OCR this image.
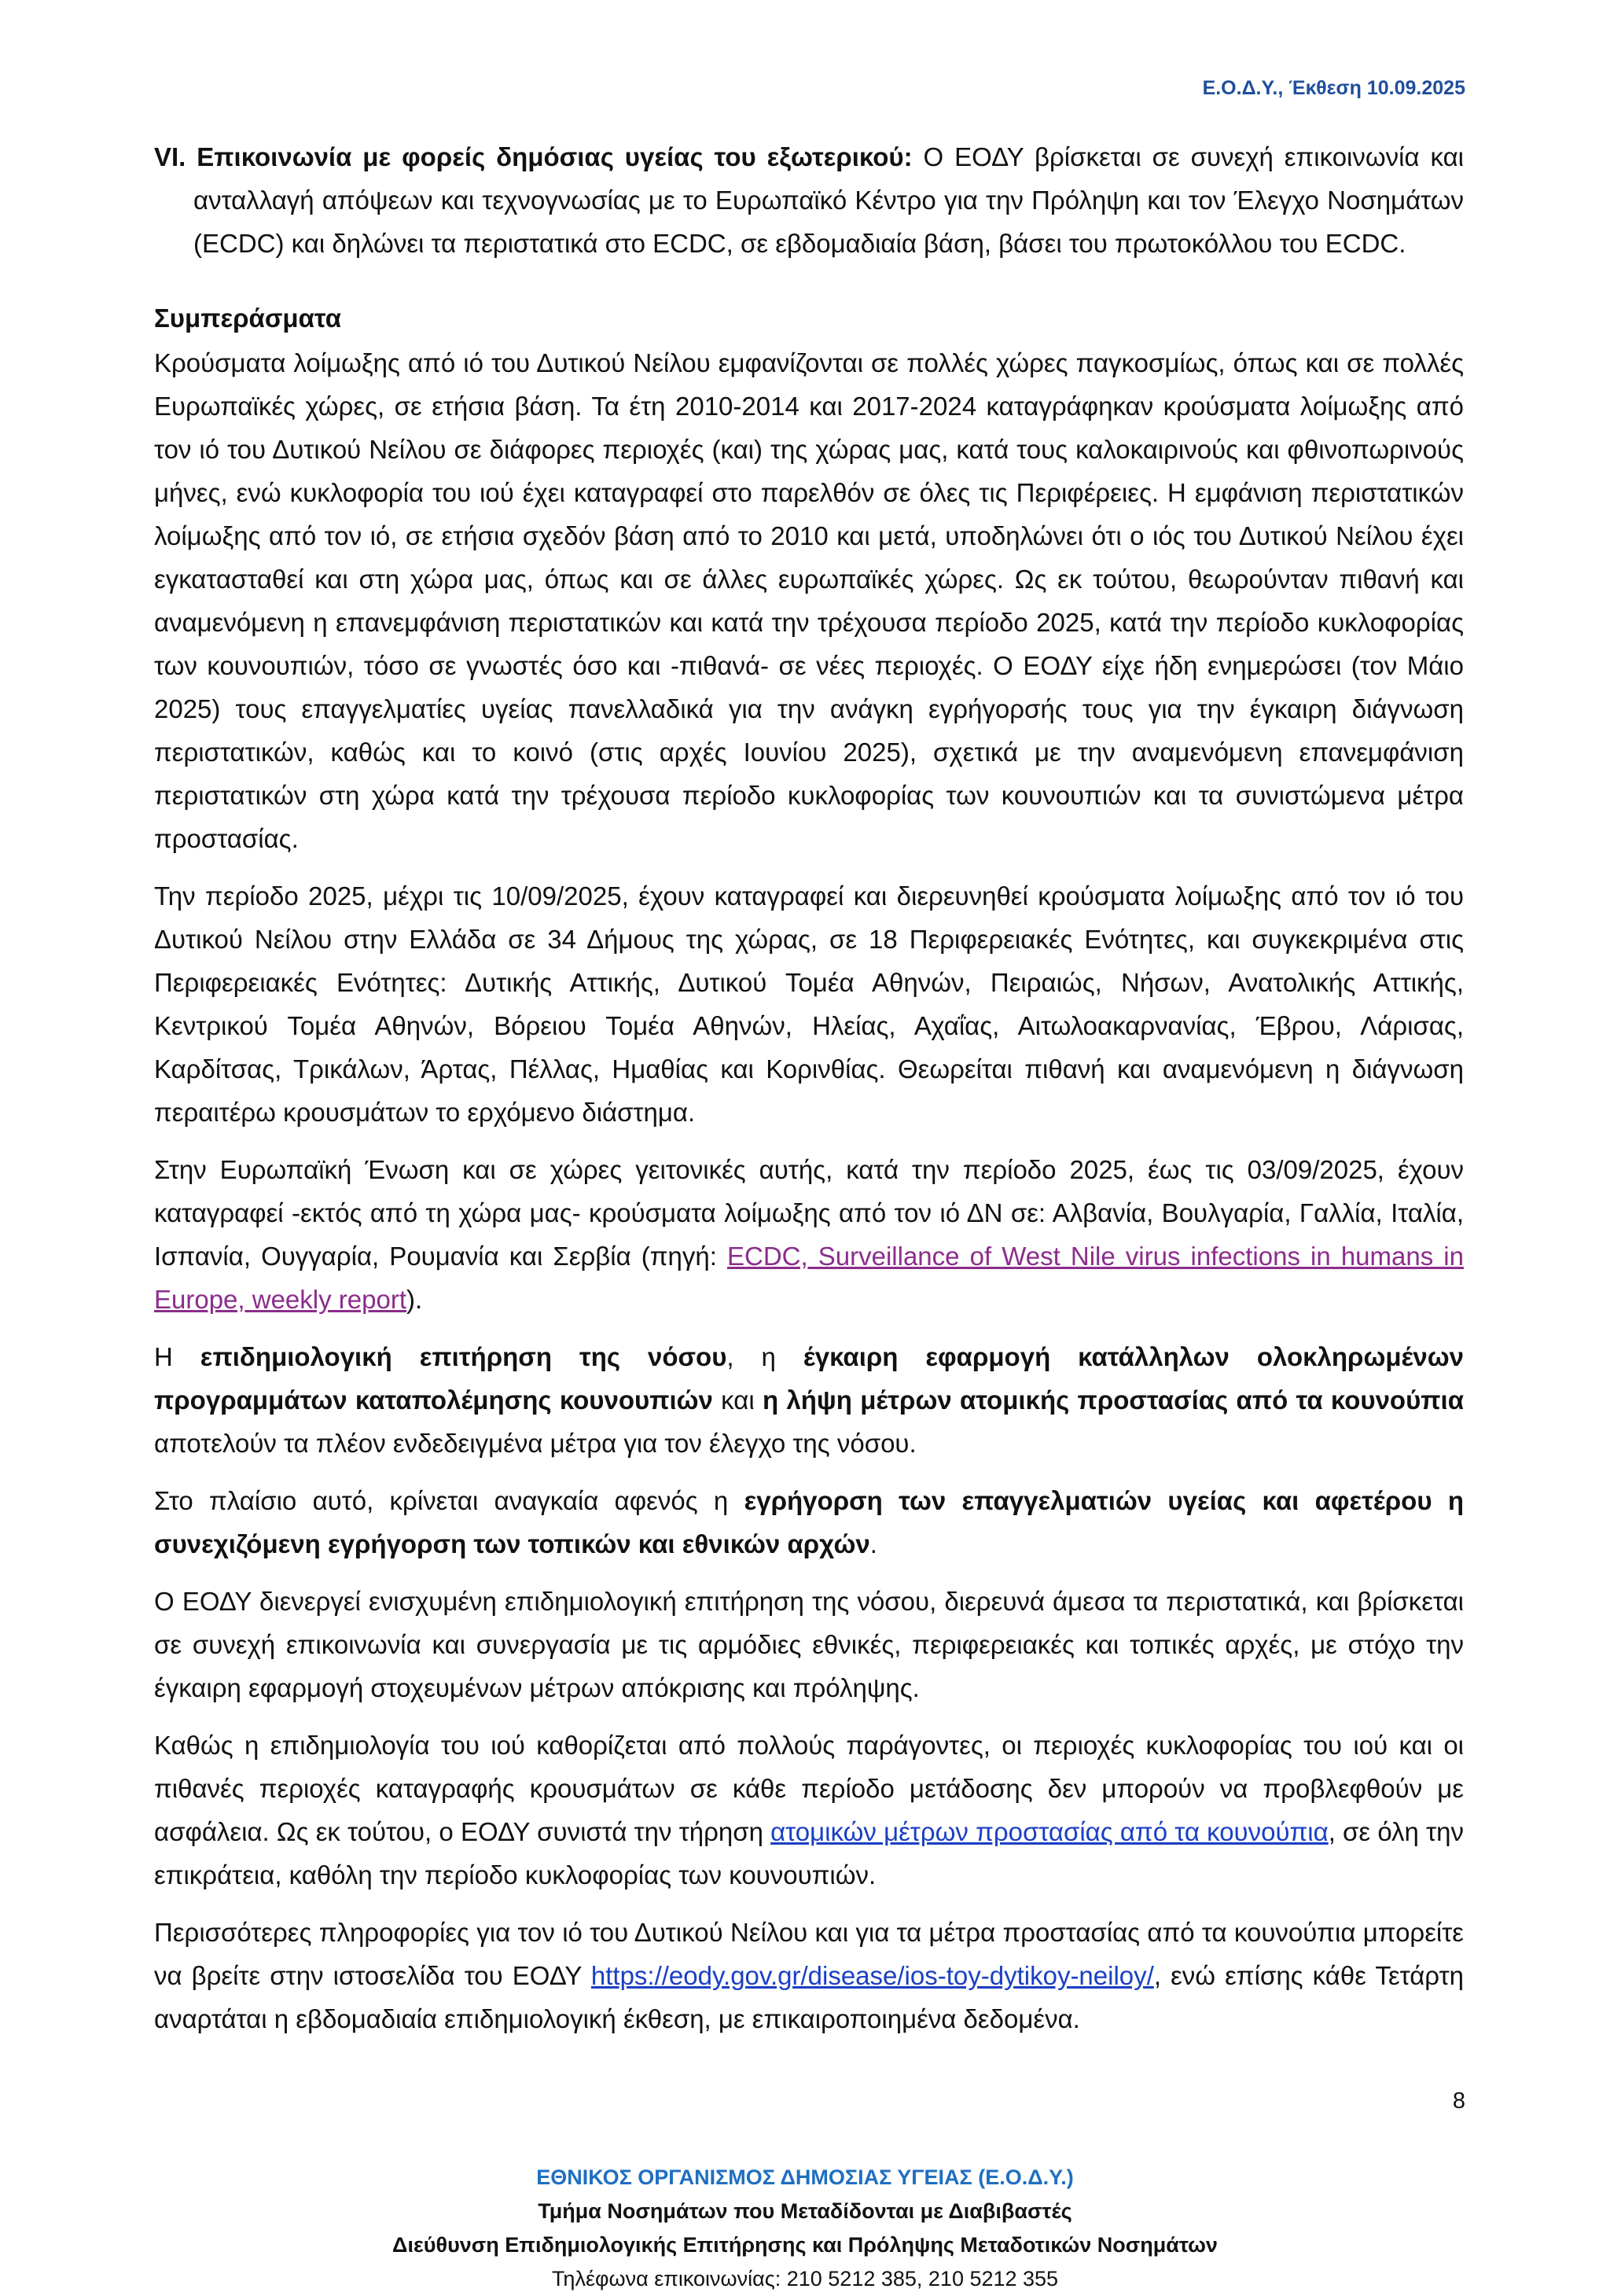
Ε.Ο.Δ.Υ., Έκθεση 10.09.2025

VI. Επικοινωνία με φορείς δημόσιας υγείας του εξωτερικού: Ο ΕΟΔΥ βρίσκεται σε συνεχή επικοινωνία και ανταλλαγή απόψεων και τεχνογνωσίας με το Ευρωπαϊκό Κέντρο για την Πρόληψη και τον Έλεγχο Νοσημάτων (ECDC) και δηλώνει τα περιστατικά στο ECDC, σε εβδομαδιαία βάση, βάσει του πρωτοκόλλου του ECDC.

Συμπεράσματα

Κρούσματα λοίμωξης από ιό του Δυτικού Νείλου εμφανίζονται σε πολλές χώρες παγκοσμίως, όπως και σε πολλές Ευρωπαϊκές χώρες, σε ετήσια βάση. Τα έτη 2010-2014 και 2017-2024 καταγράφηκαν κρούσματα λοίμωξης από τον ιό του Δυτικού Νείλου σε διάφορες περιοχές (και) της χώρας μας, κατά τους καλοκαιρινούς και φθινοπωρινούς μήνες, ενώ κυκλοφορία του ιού έχει καταγραφεί στο παρελθόν σε όλες τις Περιφέρειες. Η εμφάνιση περιστατικών λοίμωξης από τον ιό, σε ετήσια σχεδόν βάση από το 2010 και μετά, υποδηλώνει ότι ο ιός του Δυτικού Νείλου έχει εγκατασταθεί και στη χώρα μας, όπως και σε άλλες ευρωπαϊκές χώρες. Ως εκ τούτου, θεωρούνταν πιθανή και αναμενόμενη η επανεμφάνιση περιστατικών και κατά την τρέχουσα περίοδο 2025, κατά την περίοδο κυκλοφορίας των κουνουπιών, τόσο σε γνωστές όσο και -πιθανά- σε νέες περιοχές. Ο ΕΟΔΥ είχε ήδη ενημερώσει (τον Μάιο 2025) τους επαγγελματίες υγείας πανελλαδικά για την ανάγκη εγρήγορσής τους για την έγκαιρη διάγνωση περιστατικών, καθώς και το κοινό (στις αρχές Ιουνίου 2025), σχετικά με την αναμενόμενη επανεμφάνιση περιστατικών στη χώρα κατά την τρέχουσα περίοδο κυκλοφορίας των κουνουπιών και τα συνιστώμενα μέτρα προστασίας.

Την περίοδο 2025, μέχρι τις 10/09/2025, έχουν καταγραφεί και διερευνηθεί κρούσματα λοίμωξης από τον ιό του Δυτικού Νείλου στην Ελλάδα σε 34 Δήμους της χώρας, σε 18 Περιφερειακές Ενότητες, και συγκεκριμένα στις Περιφερειακές Ενότητες: Δυτικής Αττικής, Δυτικού Τομέα Αθηνών, Πειραιώς, Νήσων, Ανατολικής Αττικής, Κεντρικού Τομέα Αθηνών, Βόρειου Τομέα Αθηνών, Ηλείας, Αχαΐας, Αιτωλοακαρνανίας, Έβρου, Λάρισας, Καρδίτσας, Τρικάλων, Άρτας, Πέλλας, Ημαθίας και Κορινθίας. Θεωρείται πιθανή και αναμενόμενη η διάγνωση περαιτέρω κρουσμάτων το ερχόμενο διάστημα.

Στην Ευρωπαϊκή Ένωση και σε χώρες γειτονικές αυτής, κατά την περίοδο 2025, έως τις 03/09/2025, έχουν καταγραφεί -εκτός από τη χώρα μας- κρούσματα λοίμωξης από τον ιό ΔΝ σε: Αλβανία, Βουλγαρία, Γαλλία, Ιταλία, Ισπανία, Ουγγαρία, Ρουμανία και Σερβία (πηγή: ECDC, Surveillance of West Nile virus infections in humans in Europe, weekly report).

Η επιδημιολογική επιτήρηση της νόσου, η έγκαιρη εφαρμογή κατάλληλων ολοκληρωμένων προγραμμάτων καταπολέμησης κουνουπιών και η λήψη μέτρων ατομικής προστασίας από τα κουνούπια αποτελούν τα πλέον ενδεδειγμένα μέτρα για τον έλεγχο της νόσου.

Στο πλαίσιο αυτό, κρίνεται αναγκαία αφενός η εγρήγορση των επαγγελματιών υγείας και αφετέρου η συνεχιζόμενη εγρήγορση των τοπικών και εθνικών αρχών.

Ο ΕΟΔΥ διενεργεί ενισχυμένη επιδημιολογική επιτήρηση της νόσου, διερευνά άμεσα τα περιστατικά, και βρίσκεται σε συνεχή επικοινωνία και συνεργασία με τις αρμόδιες εθνικές, περιφερειακές και τοπικές αρχές, με στόχο την έγκαιρη εφαρμογή στοχευμένων μέτρων απόκρισης και πρόληψης.

Καθώς η επιδημιολογία του ιού καθορίζεται από πολλούς παράγοντες, οι περιοχές κυκλοφορίας του ιού και οι πιθανές περιοχές καταγραφής κρουσμάτων σε κάθε περίοδο μετάδοσης δεν μπορούν να προβλεφθούν με ασφάλεια. Ως εκ τούτου, ο ΕΟΔΥ συνιστά την τήρηση ατομικών μέτρων προστασίας από τα κουνούπια, σε όλη την επικράτεια, καθόλη την περίοδο κυκλοφορίας των κουνουπιών.

Περισσότερες πληροφορίες για τον ιό του Δυτικού Νείλου και για τα μέτρα προστασίας από τα κουνούπια μπορείτε να βρείτε στην ιστοσελίδα του ΕΟΔΥ https://eody.gov.gr/disease/ios-toy-dytikoy-neiloy/, ενώ επίσης κάθε Τετάρτη αναρτάται η εβδομαδιαία επιδημιολογική έκθεση, με επικαιροποιημένα δεδομένα.

8
ΕΘΝΙΚΟΣ ΟΡΓΑΝΙΣΜΟΣ ΔΗΜΟΣΙΑΣ ΥΓΕΙΑΣ (Ε.Ο.Δ.Υ.)
Τμήμα Νοσημάτων που Μεταδίδονται με Διαβιβαστές
Διεύθυνση Επιδημιολογικής Επιτήρησης και Πρόληψης Μεταδοτικών Νοσημάτων
Τηλέφωνα επικοινωνίας: 210 5212 385, 210 5212 355
